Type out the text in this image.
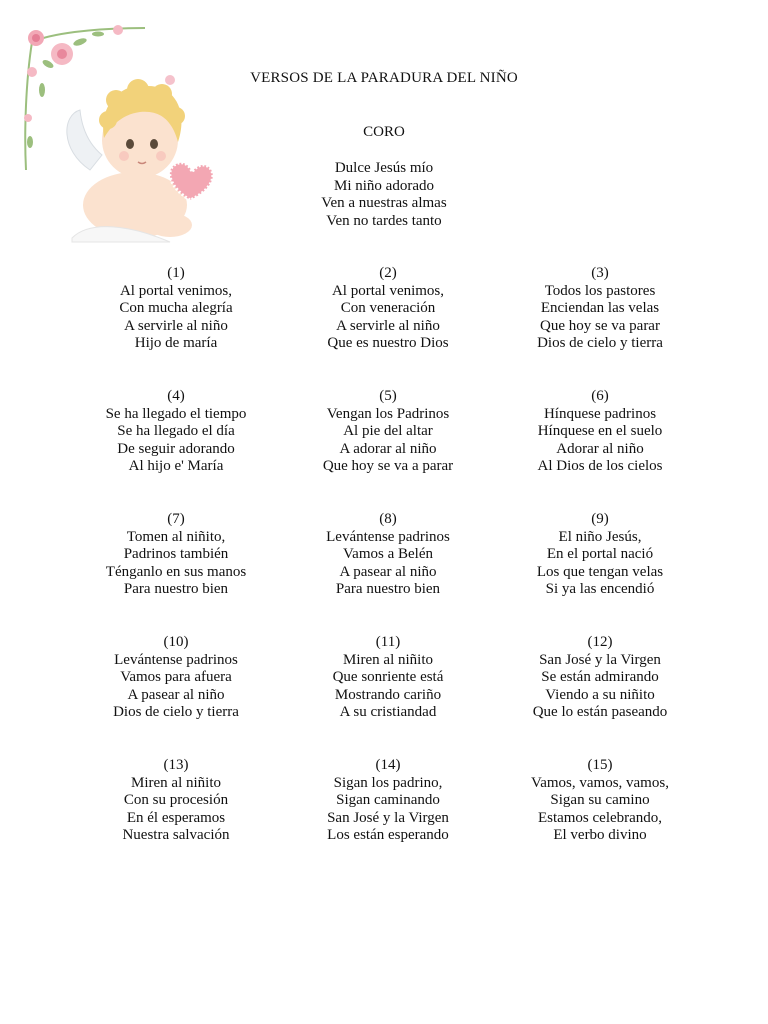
VERSOS DE LA PARADURA DEL NIÑO
CORO
Dulce Jesús mío
Mi niño adorado
Ven a nuestras almas
Ven no tardes tanto
(1)
Al portal venimos,
Con mucha alegría
A servirle al niño
Hijo de maría
(2)
Al portal venimos,
Con veneración
A servirle al niño
Que es nuestro Dios
(3)
Todos los pastores
Enciendan las velas
Que hoy se va parar
Dios de cielo y tierra
(4)
Se ha llegado el tiempo
Se ha llegado el día
De seguir adorando
Al hijo e' María
(5)
Vengan los Padrinos
Al pie del altar
A adorar al niño
Que hoy se va a parar
(6)
Hínquese padrinos
Hínquese en el suelo
Adorar al niño
Al Dios de los cielos
(7)
Tomen al niñito,
Padrinos también
Ténganlo en sus manos
Para nuestro bien
(8)
Levántense padrinos
Vamos a Belén
A pasear al niño
Para nuestro bien
(9)
El niño Jesús,
En el portal nació
Los que tengan velas
Si ya las encendió
(10)
Levántense padrinos
Vamos para afuera
A pasear al niño
Dios de cielo y tierra
(11)
Miren al niñito
Que sonriente está
Mostrando cariño
A su cristiandad
(12)
San José y la Virgen
Se están admirando
Viendo a su niñito
Que lo están paseando
(13)
Miren al niñito
Con su procesión
En él esperamos
Nuestra salvación
(14)
Sigan los padrino,
Sigan caminando
San José y la Virgen
Los están esperando
(15)
Vamos, vamos, vamos,
Sigan su camino
Estamos celebrando,
El verbo divino
